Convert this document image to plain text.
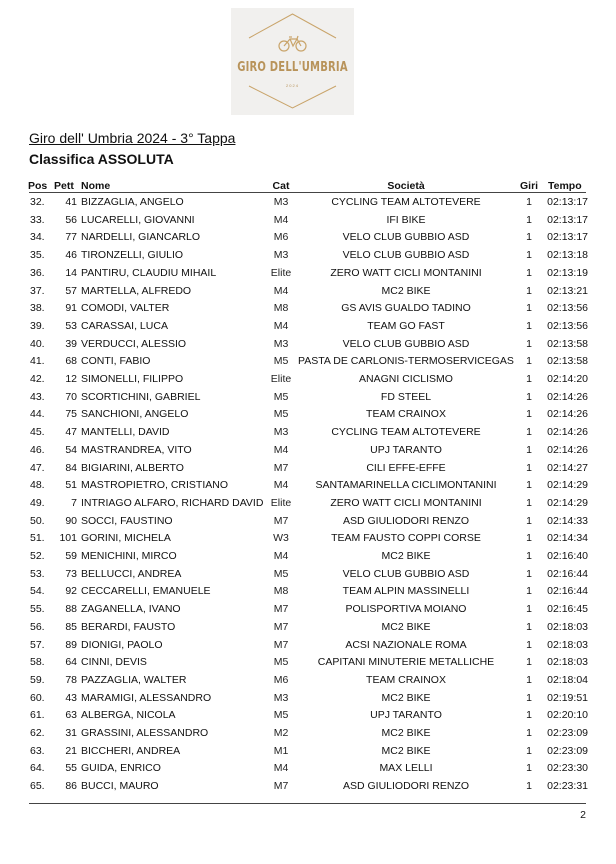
GIRO DELL'UMBRIA
2024
Giro dell' Umbria 2024 - 3° Tappa
Classifica ASSOLUTA
Pos Pett Nome	Cat	Società	Giri Tempo
32.	41 BIZZAGLIA, ANGELO	M3	CYCLING TEAM ALTOTEVERE	1	02:13:17
33.	56 LUCARELLI, GIOVANNI	M4	IFI BIKE	1	02:13:17
34.	77 NARDELLI, GIANCARLO	M6	VELO CLUB GUBBIO ASD	1	02:13:17
35.	46 TIRONZELLI, GIULIO	M3	VELO CLUB GUBBIO ASD	1	02:13:18
36.	14 PANTIRU, CLAUDIU MIHAIL	Elite	ZERO WATT CICLI MONTANINI	1	02:13:19
37.	57 MARTELLA, ALFREDO	M4	MC2 BIKE	1	02:13:21
38.	91 COMODI, VALTER	M8	GS AVIS GUALDO TADINO	1	02:13:56
39.	53 CARASSAI, LUCA	M4	TEAM GO FAST	1	02:13:56
40.	39 VERDUCCI, ALESSIO	M3	VELO CLUB GUBBIO ASD	1	02:13:58
41.	68 CONTI, FABIO	M5 PASTA DE CARLONIS-TERMOSERVICEGAS	1	02:13:58
42.	12 SIMONELLI, FILIPPO	Elite	ANAGNI CICLISMO	1	02:14:20
43.	70 SCORTICHINI, GABRIEL	M5	FD STEEL	1	02:14:26
44.	75 SANCHIONI, ANGELO	M5	TEAM CRAINOX	1	02:14:26
45.	47 MANTELLI, DAVID	M3	CYCLING TEAM ALTOTEVERE	1	02:14:26
46.	54 MASTRANDREA, VITO	M4	UPJ TARANTO	1	02:14:26
47.	84 BIGIARINI, ALBERTO	M7	CILI EFFE-EFFE	1	02:14:27
48.	51 MASTROPIETRO, CRISTIANO	M4	SANTAMARINELLA CICLIMONTANINI	1	02:14:29
49.	7 INTRIAGO ALFARO, RICHARD DAVID Elite	ZERO WATT CICLI MONTANINI	1	02:14:29
50.	90 SOCCI, FAUSTINO	M7	ASD GIULIODORI RENZO	1	02:14:33
51.	101 GORINI, MICHELA	W3	TEAM FAUSTO COPPI CORSE	1	02:14:34
52.	59 MENICHINI, MIRCO	M4	MC2 BIKE	1	02:16:40
53.	73 BELLUCCI, ANDREA	M5	VELO CLUB GUBBIO ASD	1	02:16:44
54.	92 CECCARELLI, EMANUELE	M8	TEAM ALPIN MASSINELLI	1	02:16:44
55.	88 ZAGANELLA, IVANO	M7	POLISPORTIVA MOIANO	1	02:16:45
56.	85 BERARDI, FAUSTO	M7	MC2 BIKE	1	02:18:03
57.	89 DIONIGI, PAOLO	M7	ACSI NAZIONALE ROMA	1	02:18:03
58.	64 CINNI, DEVIS	M5	CAPITANI MINUTERIE METALLICHE	1	02:18:03
59.	78 PAZZAGLIA, WALTER	M6	TEAM CRAINOX	1	02:18:04
60.	43 MARAMIGI, ALESSANDRO	M3	MC2 BIKE	1	02:19:51
61.	63 ALBERGA, NICOLA	M5	UPJ TARANTO	1	02:20:10
62.	31 GRASSINI, ALESSANDRO	M2	MC2 BIKE	1	02:23:09
63.	21 BICCHERI, ANDREA	M1	MC2 BIKE	1	02:23:09
64.	55 GUIDA, ENRICO	M4	MAX LELLI	1	02:23:30
65.	86 BUCCI, MAURO	M7	ASD GIULIODORI RENZO	1	02:23:31
2
